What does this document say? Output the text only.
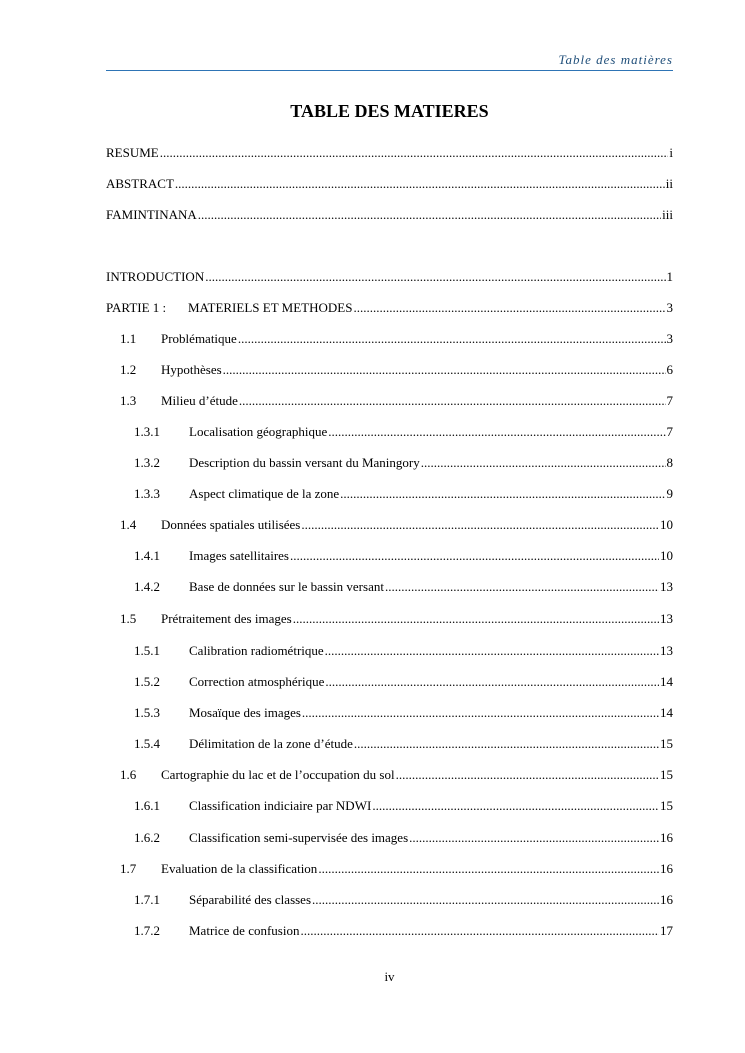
Table des matières
TABLE DES MATIERES
RESUME .....	i
ABSTRACT .....	ii
FAMINTINANA .....	iii
INTRODUCTION .....	1
PARTIE 1 :	MATERIELS ET METHODES .....	3
1.1	Problématique .....	3
1.2	Hypothèses .....	6
1.3	Milieu d’étude .....	7
1.3.1	Localisation géographique .....	7
1.3.2	Description du bassin versant du Maningory .....	8
1.3.3	Aspect climatique de la zone .....	9
1.4	Données spatiales utilisées .....	10
1.4.1	Images satellitaires .....	10
1.4.2	Base de données sur le bassin versant .....	13
1.5	Prétraitement des images .....	13
1.5.1	Calibration radiométrique .....	13
1.5.2	Correction atmosphérique .....	14
1.5.3	Mosaïque des images .....	14
1.5.4	Délimitation de la zone d’étude .....	15
1.6	Cartographie du lac et de l’occupation du sol .....	15
1.6.1	Classification indiciaire par NDWI .....	15
1.6.2	Classification semi-supervisée des images .....	16
1.7	Evaluation de la classification .....	16
1.7.1	Séparabilité des classes .....	16
1.7.2	Matrice de confusion .....	17
iv
